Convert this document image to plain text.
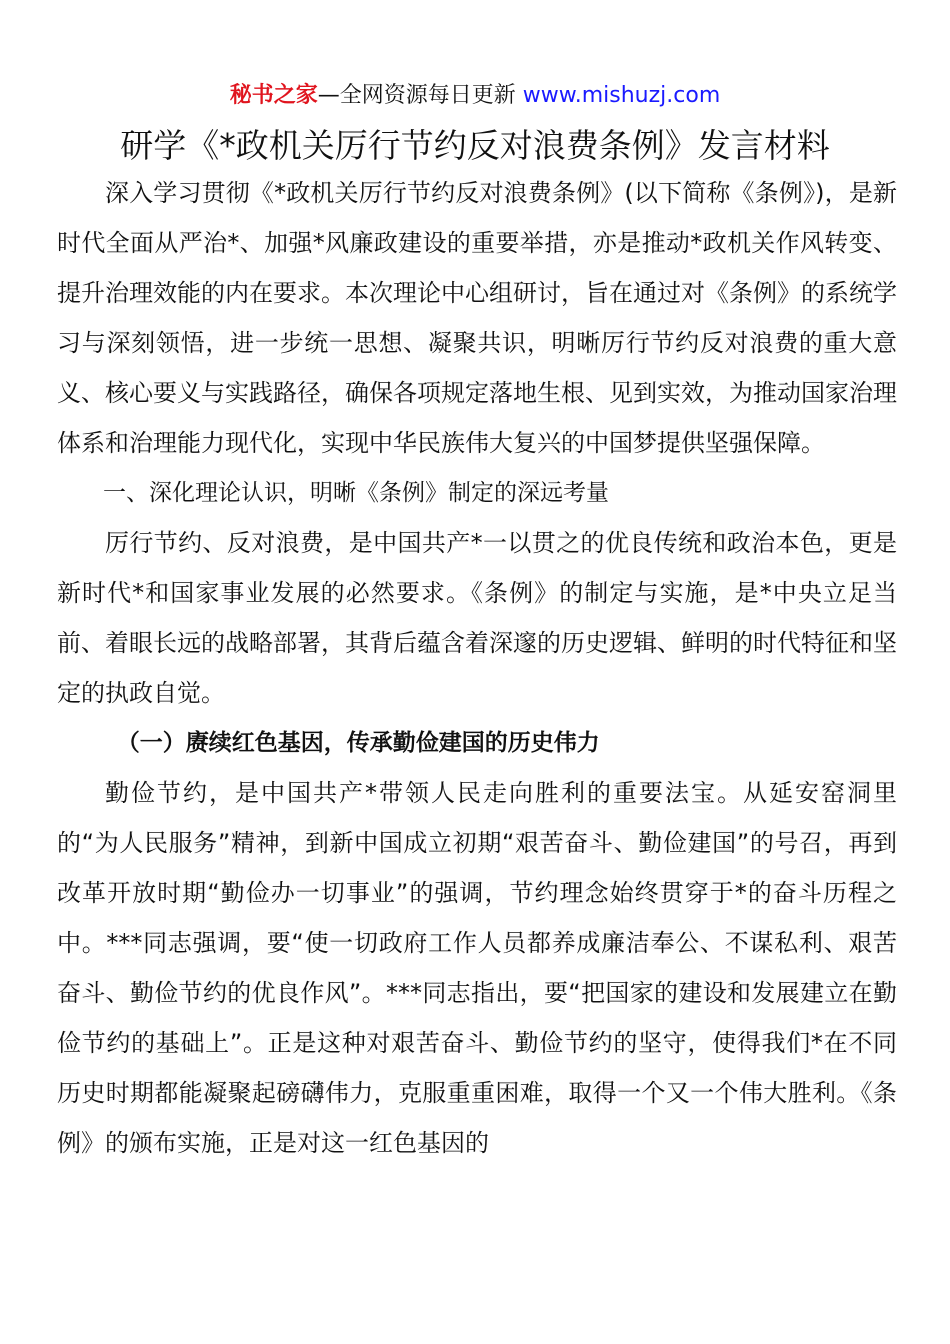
秘书之家—全网资源每日更新 www.mishuzj.com
研学《*政机关厉行节约反对浪费条例》发言材料

深入学习贯彻《*政机关厉行节约反对浪费条例》(以下简称《条例》)，是新时代全面从严治*、加强*风廉政建设的重要举措，亦是推动*政机关作风转变、提升治理效能的内在要求。本次理论中心组研讨，旨在通过对《条例》的系统学习与深刻领悟，进一步统一思想、凝聚共识，明晰厉行节约反对浪费的重大意义、核心要义与实践路径，确保各项规定落地生根、见到实效，为推动国家治理体系和治理能力现代化，实现中华民族伟大复兴的中国梦提供坚强保障。

一、深化理论认识，明晰《条例》制定的深远考量

厉行节约、反对浪费，是中国共产*一以贯之的优良传统和政治本色，更是新时代*和国家事业发展的必然要求。《条例》的制定与实施，是*中央立足当前、着眼长远的战略部署，其背后蕴含着深邃的历史逻辑、鲜明的时代特征和坚定的执政自觉。

（一）赓续红色基因，传承勤俭建国的历史伟力

勤俭节约，是中国共产*带领人民走向胜利的重要法宝。从延安窑洞里的“为人民服务”精神，到新中国成立初期“艰苦奋斗、勤俭建国”的号召，再到改革开放时期“勤俭办一切事业”的强调，节约理念始终贯穿于*的奋斗历程之中。***同志强调，要“使一切政府工作人员都养成廉洁奉公、不谋私利、艰苦奋斗、勤俭节约的优良作风”。***同志指出，要“把国家的建设和发展建立在勤俭节约的基础上”。正是这种对艰苦奋斗、勤俭节约的坚守，使得我们*在不同历史时期都能凝聚起磅礴伟力，克服重重困难，取得一个又一个伟大胜利。《条例》的颁布实施，正是对这一红色基因的
